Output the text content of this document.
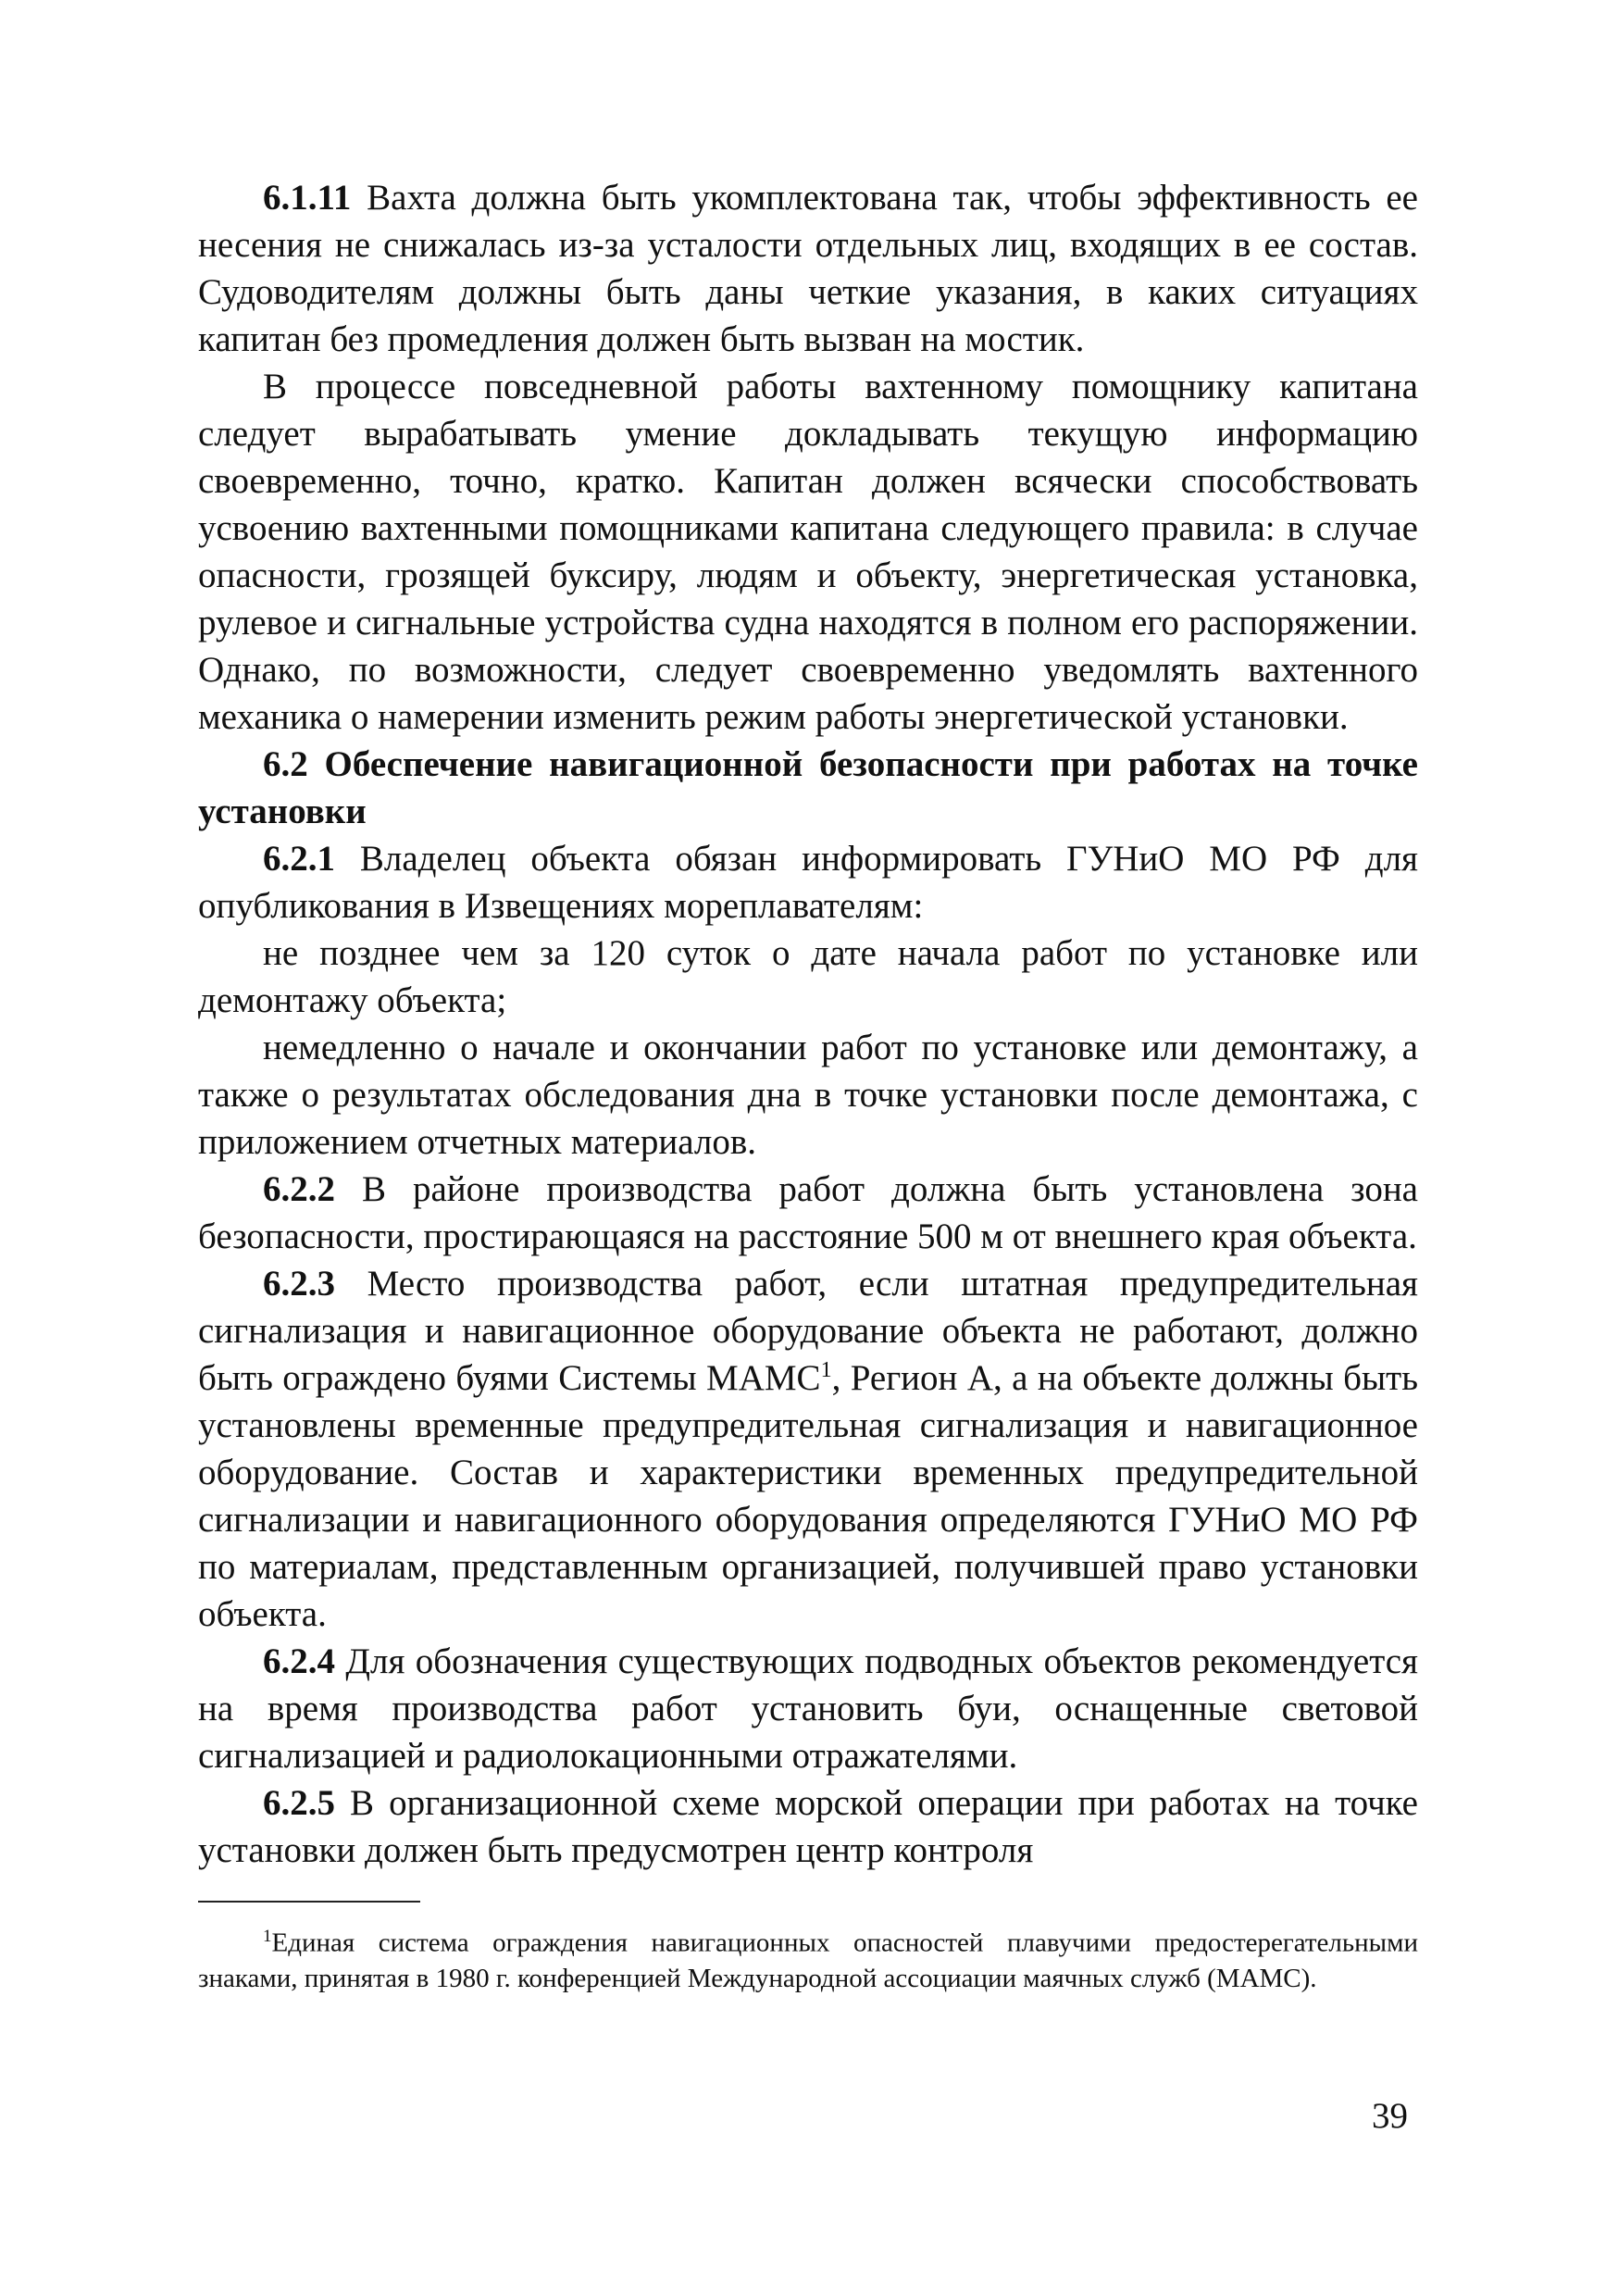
6.1.11 Вахта должна быть укомплектована так, чтобы эффективность ее несения не снижалась из-за усталости отдельных лиц, входящих в ее состав. Судоводителям должны быть даны четкие указания, в каких ситуациях капитан без промедления должен быть вызван на мостик.

В процессе повседневной работы вахтенному помощнику капитана следует вырабатывать умение докладывать текущую информацию своевременно, точно, кратко. Капитан должен всячески способствовать усвоению вахтенными помощниками капитана следующего правила: в случае опасности, грозящей буксиру, людям и объекту, энергетическая установка, рулевое и сигнальные устройства судна находятся в полном его распоряжении. Однако, по возможности, следует своевременно уведомлять вахтенного механика о намерении изменить режим работы энергетической установки.

6.2 Обеспечение навигационной безопасности при работах на точке установки

6.2.1 Владелец объекта обязан информировать ГУНиО МО РФ для опубликования в Извещениях мореплавателям:

не позднее чем за 120 суток о дате начала работ по установке или демонтажу объекта;

немедленно о начале и окончании работ по установке или демонтажу, а также о результатах обследования дна в точке установки после демонтажа, с приложением отчетных материалов.

6.2.2 В районе производства работ должна быть установлена зона безопасности, простирающаяся на расстояние 500 м от внешнего края объекта.

6.2.3 Место производства работ, если штатная предупредительная сигнализация и навигационное оборудование объекта не работают, должно быть ограждено буями Системы МАМС$^1$, Регион А, а на объекте должны быть установлены временные предупредительная сигнализация и навигационное оборудование. Состав и характеристики временных предупредительной сигнализации и навигационного оборудования определяются ГУНиО МО РФ по материалам, представленным организацией, получившей право установки объекта.

6.2.4 Для обозначения существующих подводных объектов рекомендуется на время производства работ установить буи, оснащенные световой сигнализацией и радиолокационными отражателями.

6.2.5 В организационной схеме морской операции при работах на точке установки должен быть предусмотрен центр контроля

$^1$Единая система ограждения навигационных опасностей плавучими предостерегательными знаками, принятая в 1980 г. конференцией Международной ассоциации маячных служб (МАМС).

39
